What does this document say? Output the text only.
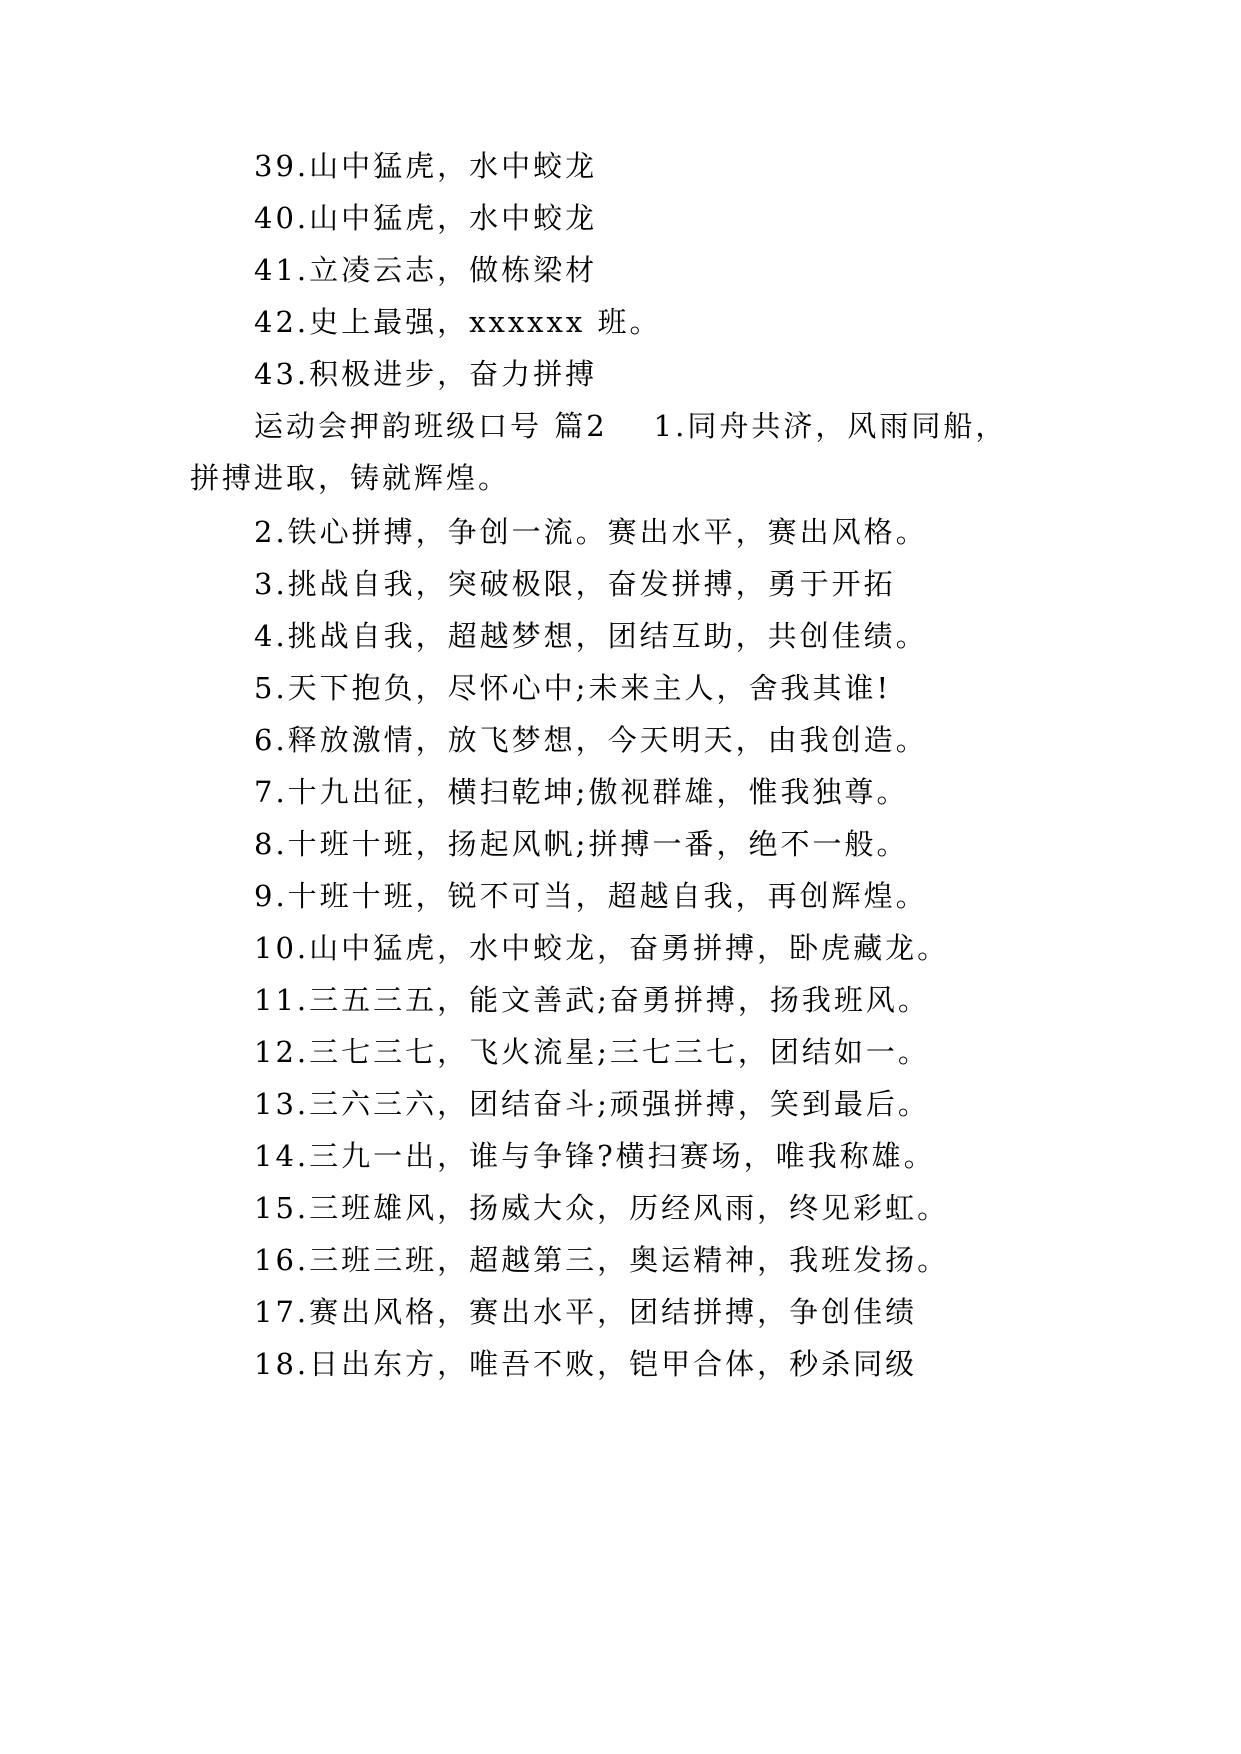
39.山中猛虎，水中蛟龙
40.山中猛虎，水中蛟龙
41.立凌云志，做栋梁材
42.史上最强，xxxxxx 班。
43.积极进步，奋力拼搏
运动会押韵班级口号 篇2 1.同舟共济，风雨同船，
拼搏进取，铸就辉煌。
2.铁心拼搏，争创一流。赛出水平，赛出风格。
3.挑战自我，突破极限，奋发拼搏，勇于开拓
4.挑战自我，超越梦想，团结互助，共创佳绩。
5.天下抱负，尽怀心中;未来主人，舍我其谁!
6.释放激情，放飞梦想，今天明天，由我创造。
7.十九出征，横扫乾坤;傲视群雄，惟我独尊。
8.十班十班，扬起风帆;拼搏一番，绝不一般。
9.十班十班，锐不可当，超越自我，再创辉煌。
10.山中猛虎，水中蛟龙，奋勇拼搏，卧虎藏龙。
11.三五三五，能文善武;奋勇拼搏，扬我班风。
12.三七三七，飞火流星;三七三七，团结如一。
13.三六三六，团结奋斗;顽强拼搏，笑到最后。
14.三九一出，谁与争锋?横扫赛场，唯我称雄。
15.三班雄风，扬威大众，历经风雨，终见彩虹。
16.三班三班，超越第三，奥运精神，我班发扬。
17.赛出风格，赛出水平，团结拼搏，争创佳绩
18.日出东方，唯吾不败，铠甲合体，秒杀同级
